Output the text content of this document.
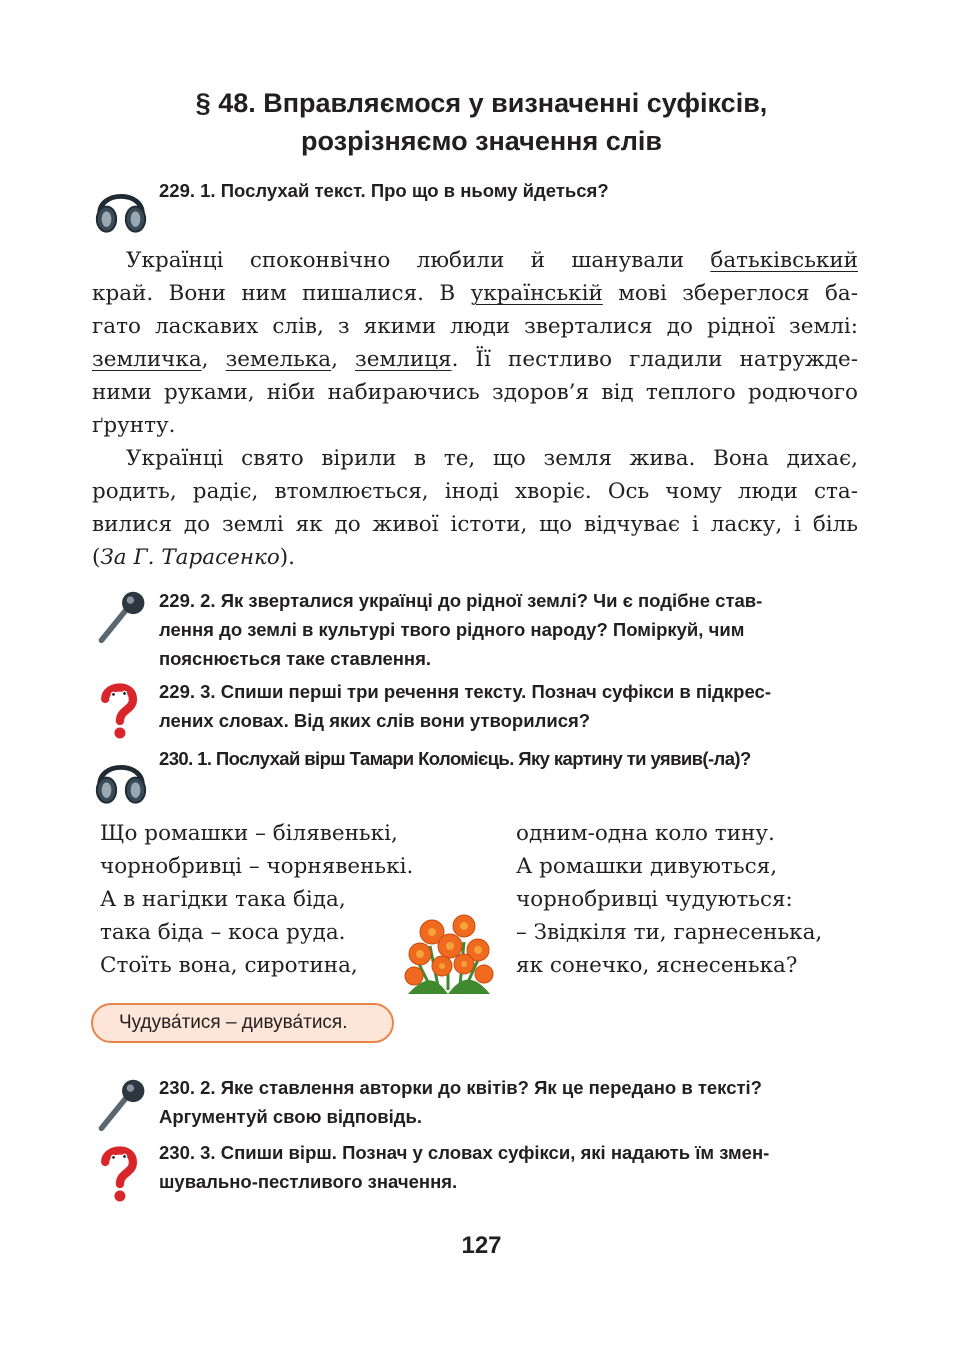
§ 48. Вправляємося у визначенні суфіксів,
розрізняємо значення слів
229. 1. Послухай текст. Про що в ньому йдеться?
Українці споконвічно любили й шанували батьківський
край. Вони ним пишалися. В українській мові збереглося ба-
гато ласкавих слів, з якими люди зверталися до рідної землі:
земличка, земелька, землиця. Її пестливо гладили натружде-
ними руками, ніби набираючись здоров’я від теплого родючого
ґрунту.
Українці свято вірили в те, що земля жива. Вона дихає,
родить, радіє, втомлюється, іноді хворіє. Ось чому люди ста-
вилися до землі як до живої істоти, що відчуває і ласку, і біль
(За Г. Тарасенко).
229. 2. Як зверталися українці до рідної землі? Чи є подібне став-
лення до землі в культурі твого рідного народу? Поміркуй, чим
пояснюється таке ставлення.
229. 3. Спиши перші три речення тексту. Познач суфікси в підкрес-
лених словах. Від яких слів вони утворилися?
230. 1. Послухай вірш Тамари Коломієць. Яку картину ти уявив(-ла)?
Що ромашки – білявенькі,
чорнобривці – чорнявенькі.
А в нагідки така біда,
така біда – коса руда.
Стоїть вона, сиротина,
одним-одна коло тину.
А ромашки дивуються,
чорнобривці чудуються:
– Звідкіля ти, гарнесенька,
як сонечко, яснесенька?
Чудува́тися – дивува́тися.
230. 2. Яке ставлення авторки до квітів? Як це передано в тексті?
Аргументуй свою відповідь.
230. 3. Спиши вірш. Познач у словах суфікси, які надають їм змен-
шувально-пестливого значення.
127
